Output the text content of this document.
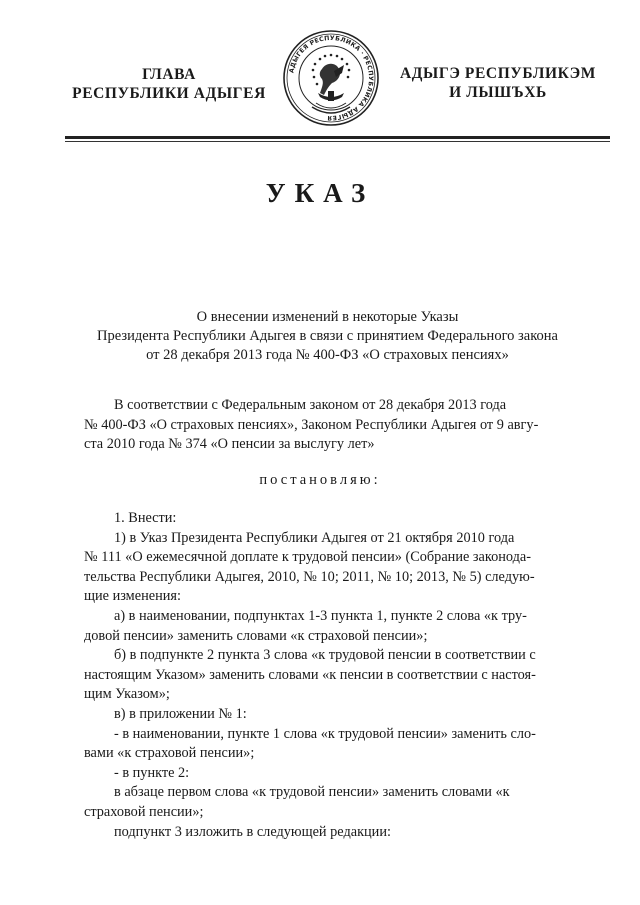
ГЛАВА
РЕСПУБЛИКИ АДЫГЕЯ
АДЫГЕЯ РЕСПУБЛИКА · РЕСПУБЛИКА АДЫГЕЯ
АДЫГЭ РЕСПУБЛИКЭМ
И ЛЫШЪХЬ
УКАЗ
О внесении изменений в некоторые Указы
Президента Республики Адыгея в связи с принятием Федерального закона
от 28 декабря 2013 года № 400-ФЗ «О страховых пенсиях»
В соответствии с Федеральным законом от 28 декабря 2013 года
№ 400-ФЗ «О страховых пенсиях», Законом Республики Адыгея от 9 авгу-
ста 2010 года № 374 «О пенсии за выслугу лет»
постановляю:
1. Внести:
1) в Указ Президента Республики Адыгея от 21 октября 2010 года
№ 111 «О ежемесячной доплате к трудовой пенсии» (Собрание законода-
тельства Республики Адыгея, 2010, № 10; 2011, № 10; 2013, № 5) следую-
щие изменения:
а) в наименовании, подпунктах 1-3 пункта 1, пункте 2 слова «к тру-
довой пенсии» заменить словами «к страховой пенсии»;
б) в подпункте 2 пункта 3 слова «к трудовой пенсии в соответствии с
настоящим Указом» заменить словами «к пенсии в соответствии с настоя-
щим Указом»;
в) в приложении № 1:
- в наименовании, пункте 1 слова «к трудовой пенсии» заменить сло-
вами «к страховой пенсии»;
- в пункте 2:
в абзаце первом слова «к трудовой пенсии» заменить словами «к
страховой пенсии»;
подпункт 3 изложить в следующей редакции:
